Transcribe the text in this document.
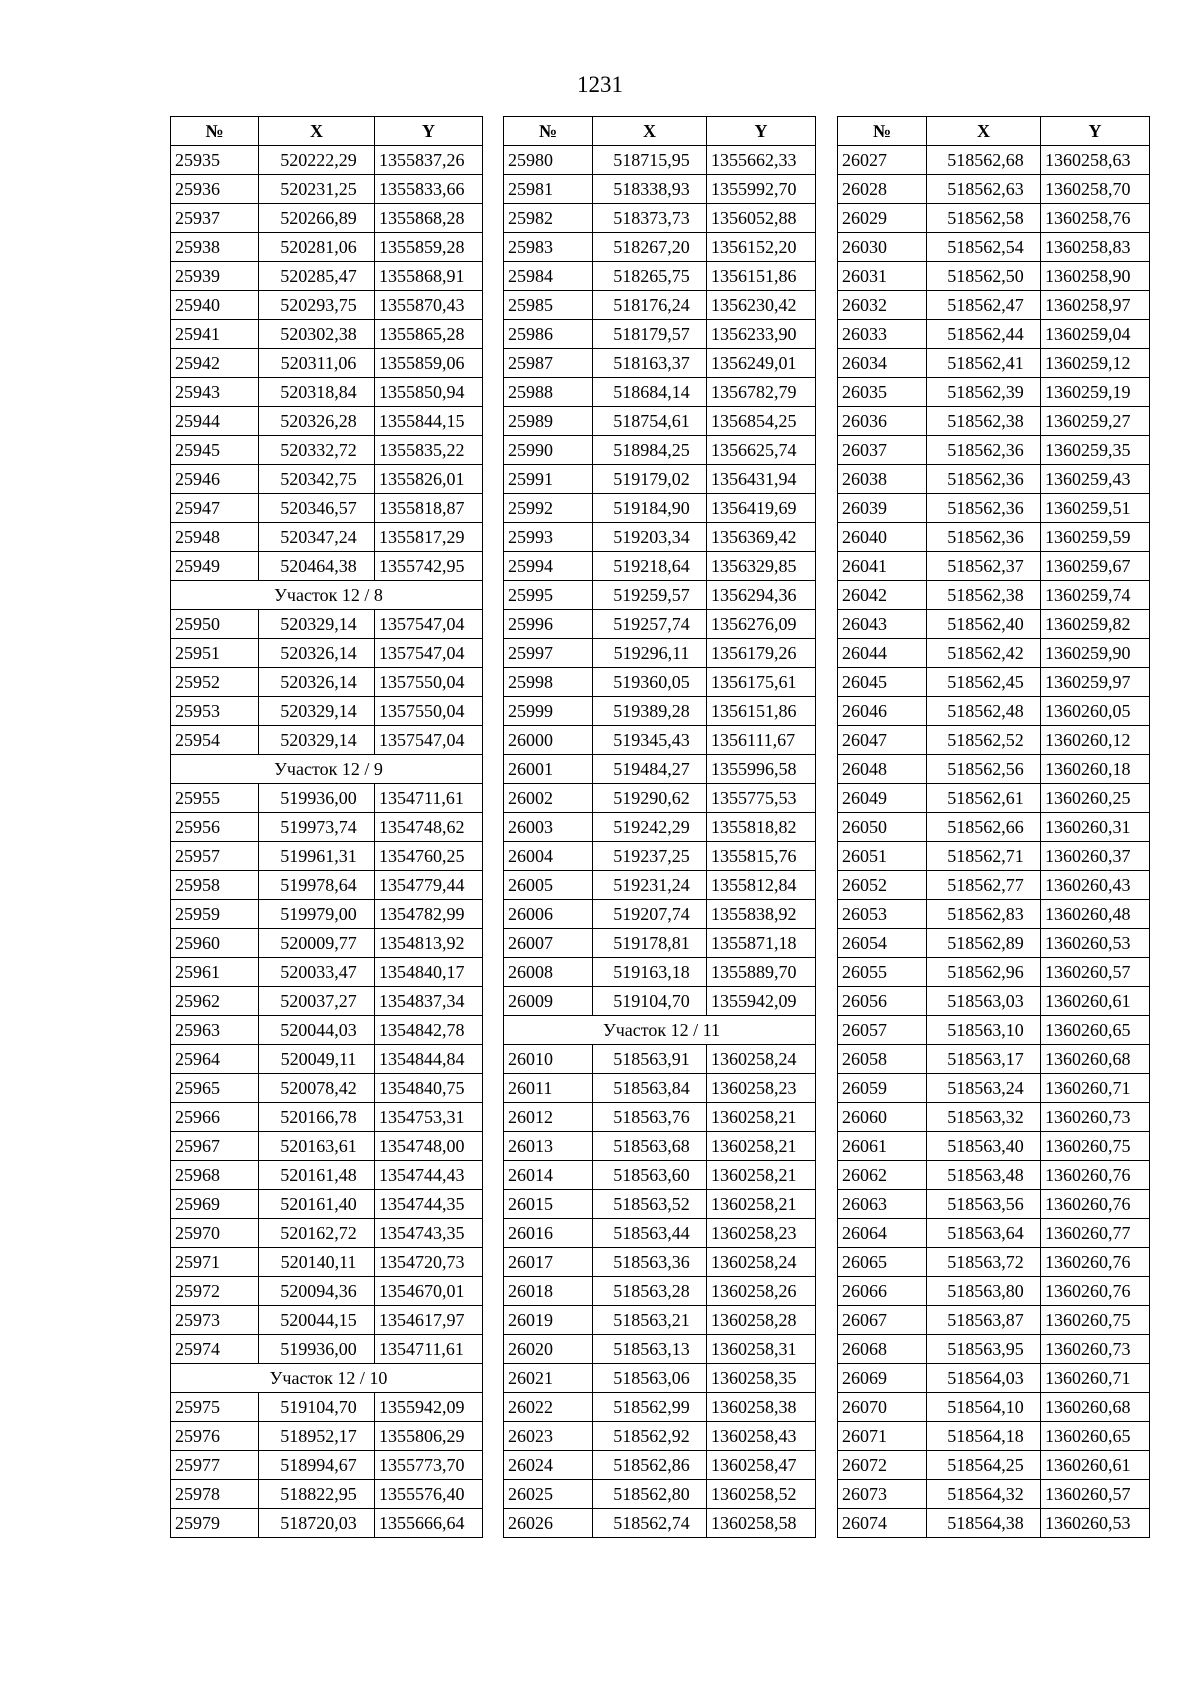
1231
№	X	Y
25935	520222,29	1355837,26
25936	520231,25	1355833,66
25937	520266,89	1355868,28
25938	520281,06	1355859,28
25939	520285,47	1355868,91
25940	520293,75	1355870,43
25941	520302,38	1355865,28
25942	520311,06	1355859,06
25943	520318,84	1355850,94
25944	520326,28	1355844,15
25945	520332,72	1355835,22
25946	520342,75	1355826,01
25947	520346,57	1355818,87
25948	520347,24	1355817,29
25949	520464,38	1355742,95
Участок 12 / 8		
25950	520329,14	1357547,04
25951	520326,14	1357547,04
25952	520326,14	1357550,04
25953	520329,14	1357550,04
25954	520329,14	1357547,04
Участок 12 / 9		
25955	519936,00	1354711,61
25956	519973,74	1354748,62
25957	519961,31	1354760,25
25958	519978,64	1354779,44
25959	519979,00	1354782,99
25960	520009,77	1354813,92
25961	520033,47	1354840,17
25962	520037,27	1354837,34
25963	520044,03	1354842,78
25964	520049,11	1354844,84
25965	520078,42	1354840,75
25966	520166,78	1354753,31
25967	520163,61	1354748,00
25968	520161,48	1354744,43
25969	520161,40	1354744,35
25970	520162,72	1354743,35
25971	520140,11	1354720,73
25972	520094,36	1354670,01
25973	520044,15	1354617,97
25974	519936,00	1354711,61
Участок 12 / 10		
25975	519104,70	1355942,09
25976	518952,17	1355806,29
25977	518994,67	1355773,70
25978	518822,95	1355576,40
25979	518720,03	1355666,64
№	X	Y
25980	518715,95	1355662,33
25981	518338,93	1355992,70
25982	518373,73	1356052,88
25983	518267,20	1356152,20
25984	518265,75	1356151,86
25985	518176,24	1356230,42
25986	518179,57	1356233,90
25987	518163,37	1356249,01
25988	518684,14	1356782,79
25989	518754,61	1356854,25
25990	518984,25	1356625,74
25991	519179,02	1356431,94
25992	519184,90	1356419,69
25993	519203,34	1356369,42
25994	519218,64	1356329,85
25995	519259,57	1356294,36
25996	519257,74	1356276,09
25997	519296,11	1356179,26
25998	519360,05	1356175,61
25999	519389,28	1356151,86
26000	519345,43	1356111,67
26001	519484,27	1355996,58
26002	519290,62	1355775,53
26003	519242,29	1355818,82
26004	519237,25	1355815,76
26005	519231,24	1355812,84
26006	519207,74	1355838,92
26007	519178,81	1355871,18
26008	519163,18	1355889,70
26009	519104,70	1355942,09
Участок 12 / 11		
26010	518563,91	1360258,24
26011	518563,84	1360258,23
26012	518563,76	1360258,21
26013	518563,68	1360258,21
26014	518563,60	1360258,21
26015	518563,52	1360258,21
26016	518563,44	1360258,23
26017	518563,36	1360258,24
26018	518563,28	1360258,26
26019	518563,21	1360258,28
26020	518563,13	1360258,31
26021	518563,06	1360258,35
26022	518562,99	1360258,38
26023	518562,92	1360258,43
26024	518562,86	1360258,47
26025	518562,80	1360258,52
26026	518562,74	1360258,58
№	X	Y
26027	518562,68	1360258,63
26028	518562,63	1360258,70
26029	518562,58	1360258,76
26030	518562,54	1360258,83
26031	518562,50	1360258,90
26032	518562,47	1360258,97
26033	518562,44	1360259,04
26034	518562,41	1360259,12
26035	518562,39	1360259,19
26036	518562,38	1360259,27
26037	518562,36	1360259,35
26038	518562,36	1360259,43
26039	518562,36	1360259,51
26040	518562,36	1360259,59
26041	518562,37	1360259,67
26042	518562,38	1360259,74
26043	518562,40	1360259,82
26044	518562,42	1360259,90
26045	518562,45	1360259,97
26046	518562,48	1360260,05
26047	518562,52	1360260,12
26048	518562,56	1360260,18
26049	518562,61	1360260,25
26050	518562,66	1360260,31
26051	518562,71	1360260,37
26052	518562,77	1360260,43
26053	518562,83	1360260,48
26054	518562,89	1360260,53
26055	518562,96	1360260,57
26056	518563,03	1360260,61
26057	518563,10	1360260,65
26058	518563,17	1360260,68
26059	518563,24	1360260,71
26060	518563,32	1360260,73
26061	518563,40	1360260,75
26062	518563,48	1360260,76
26063	518563,56	1360260,76
26064	518563,64	1360260,77
26065	518563,72	1360260,76
26066	518563,80	1360260,76
26067	518563,87	1360260,75
26068	518563,95	1360260,73
26069	518564,03	1360260,71
26070	518564,10	1360260,68
26071	518564,18	1360260,65
26072	518564,25	1360260,61
26073	518564,32	1360260,57
26074	518564,38	1360260,53
